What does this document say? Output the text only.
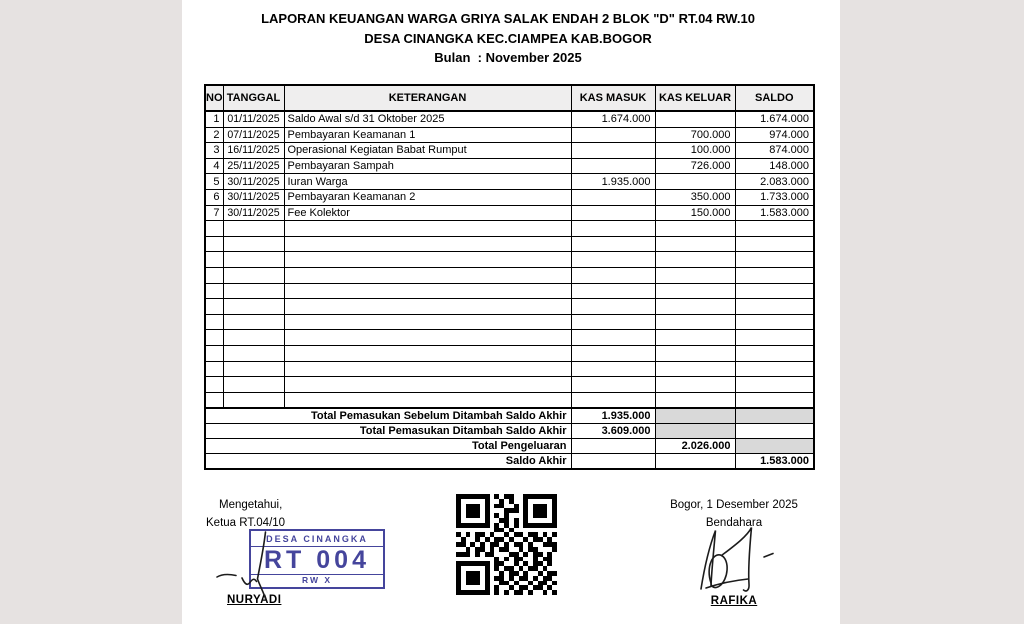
LAPORAN KEUANGAN WARGA GRIYA SALAK ENDAH 2 BLOK "D" RT.04 RW.10
DESA CINANGKA KEC.CIAMPEA KAB.BOGOR
Bulan  : November 2025
NO	TANGGAL	KETERANGAN	KAS MASUK	KAS KELUAR	SALDO
1	01/11/2025	Saldo Awal s/d 31 Oktober 2025	1.674.000		1.674.000
2	07/11/2025	Pembayaran Keamanan 1		700.000	974.000
3	16/11/2025	Operasional Kegiatan Babat Rumput		100.000	874.000
4	25/11/2025	Pembayaran Sampah		726.000	148.000
5	30/11/2025	Iuran Warga	1.935.000		2.083.000
6	30/11/2025	Pembayaran Keamanan 2		350.000	1.733.000
7	30/11/2025	Fee Kolektor		150.000	1.583.000

Total Pemasukan Sebelum Ditambah Saldo Akhir			1.935.000		
Total Pemasukan Ditambah Saldo Akhir			3.609.000		
Total Pengeluaran				2.026.000	
Saldo Akhir					1.583.000
Mengetahui,
Ketua RT.04/10
DESA CINANGKA
RT 004
RW X
Bogor, 1 Desember 2025
Bendahara
NURYADI	RAFIKA
